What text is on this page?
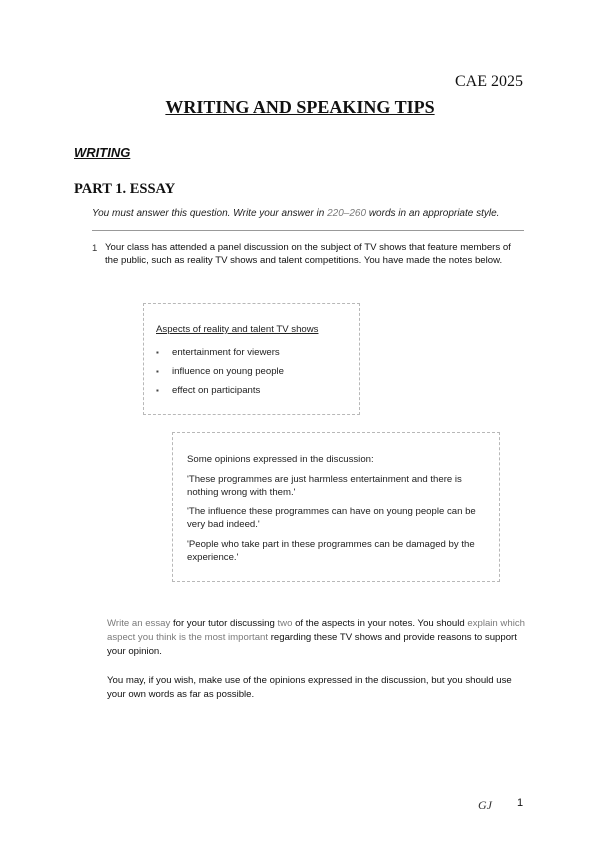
CAE 2025
WRITING AND SPEAKING TIPS
WRITING
PART 1. ESSAY
You must answer this question. Write your answer in 220–260 words in an appropriate style.
1 Your class has attended a panel discussion on the subject of TV shows that feature members of the public, such as reality TV shows and talent competitions. You have made the notes below.
Aspects of reality and talent TV shows
▪ entertainment for viewers
▪ influence on young people
▪ effect on participants
Some opinions expressed in the discussion:
'These programmes are just harmless entertainment and there is nothing wrong with them.'
'The influence these programmes can have on young people can be very bad indeed.'
'People who take part in these programmes can be damaged by the experience.'
Write an essay for your tutor discussing two of the aspects in your notes. You should explain which aspect you think is the most important regarding these TV shows and provide reasons to support your opinion.
You may, if you wish, make use of the opinions expressed in the discussion, but you should use your own words as far as possible.
GJ 1
